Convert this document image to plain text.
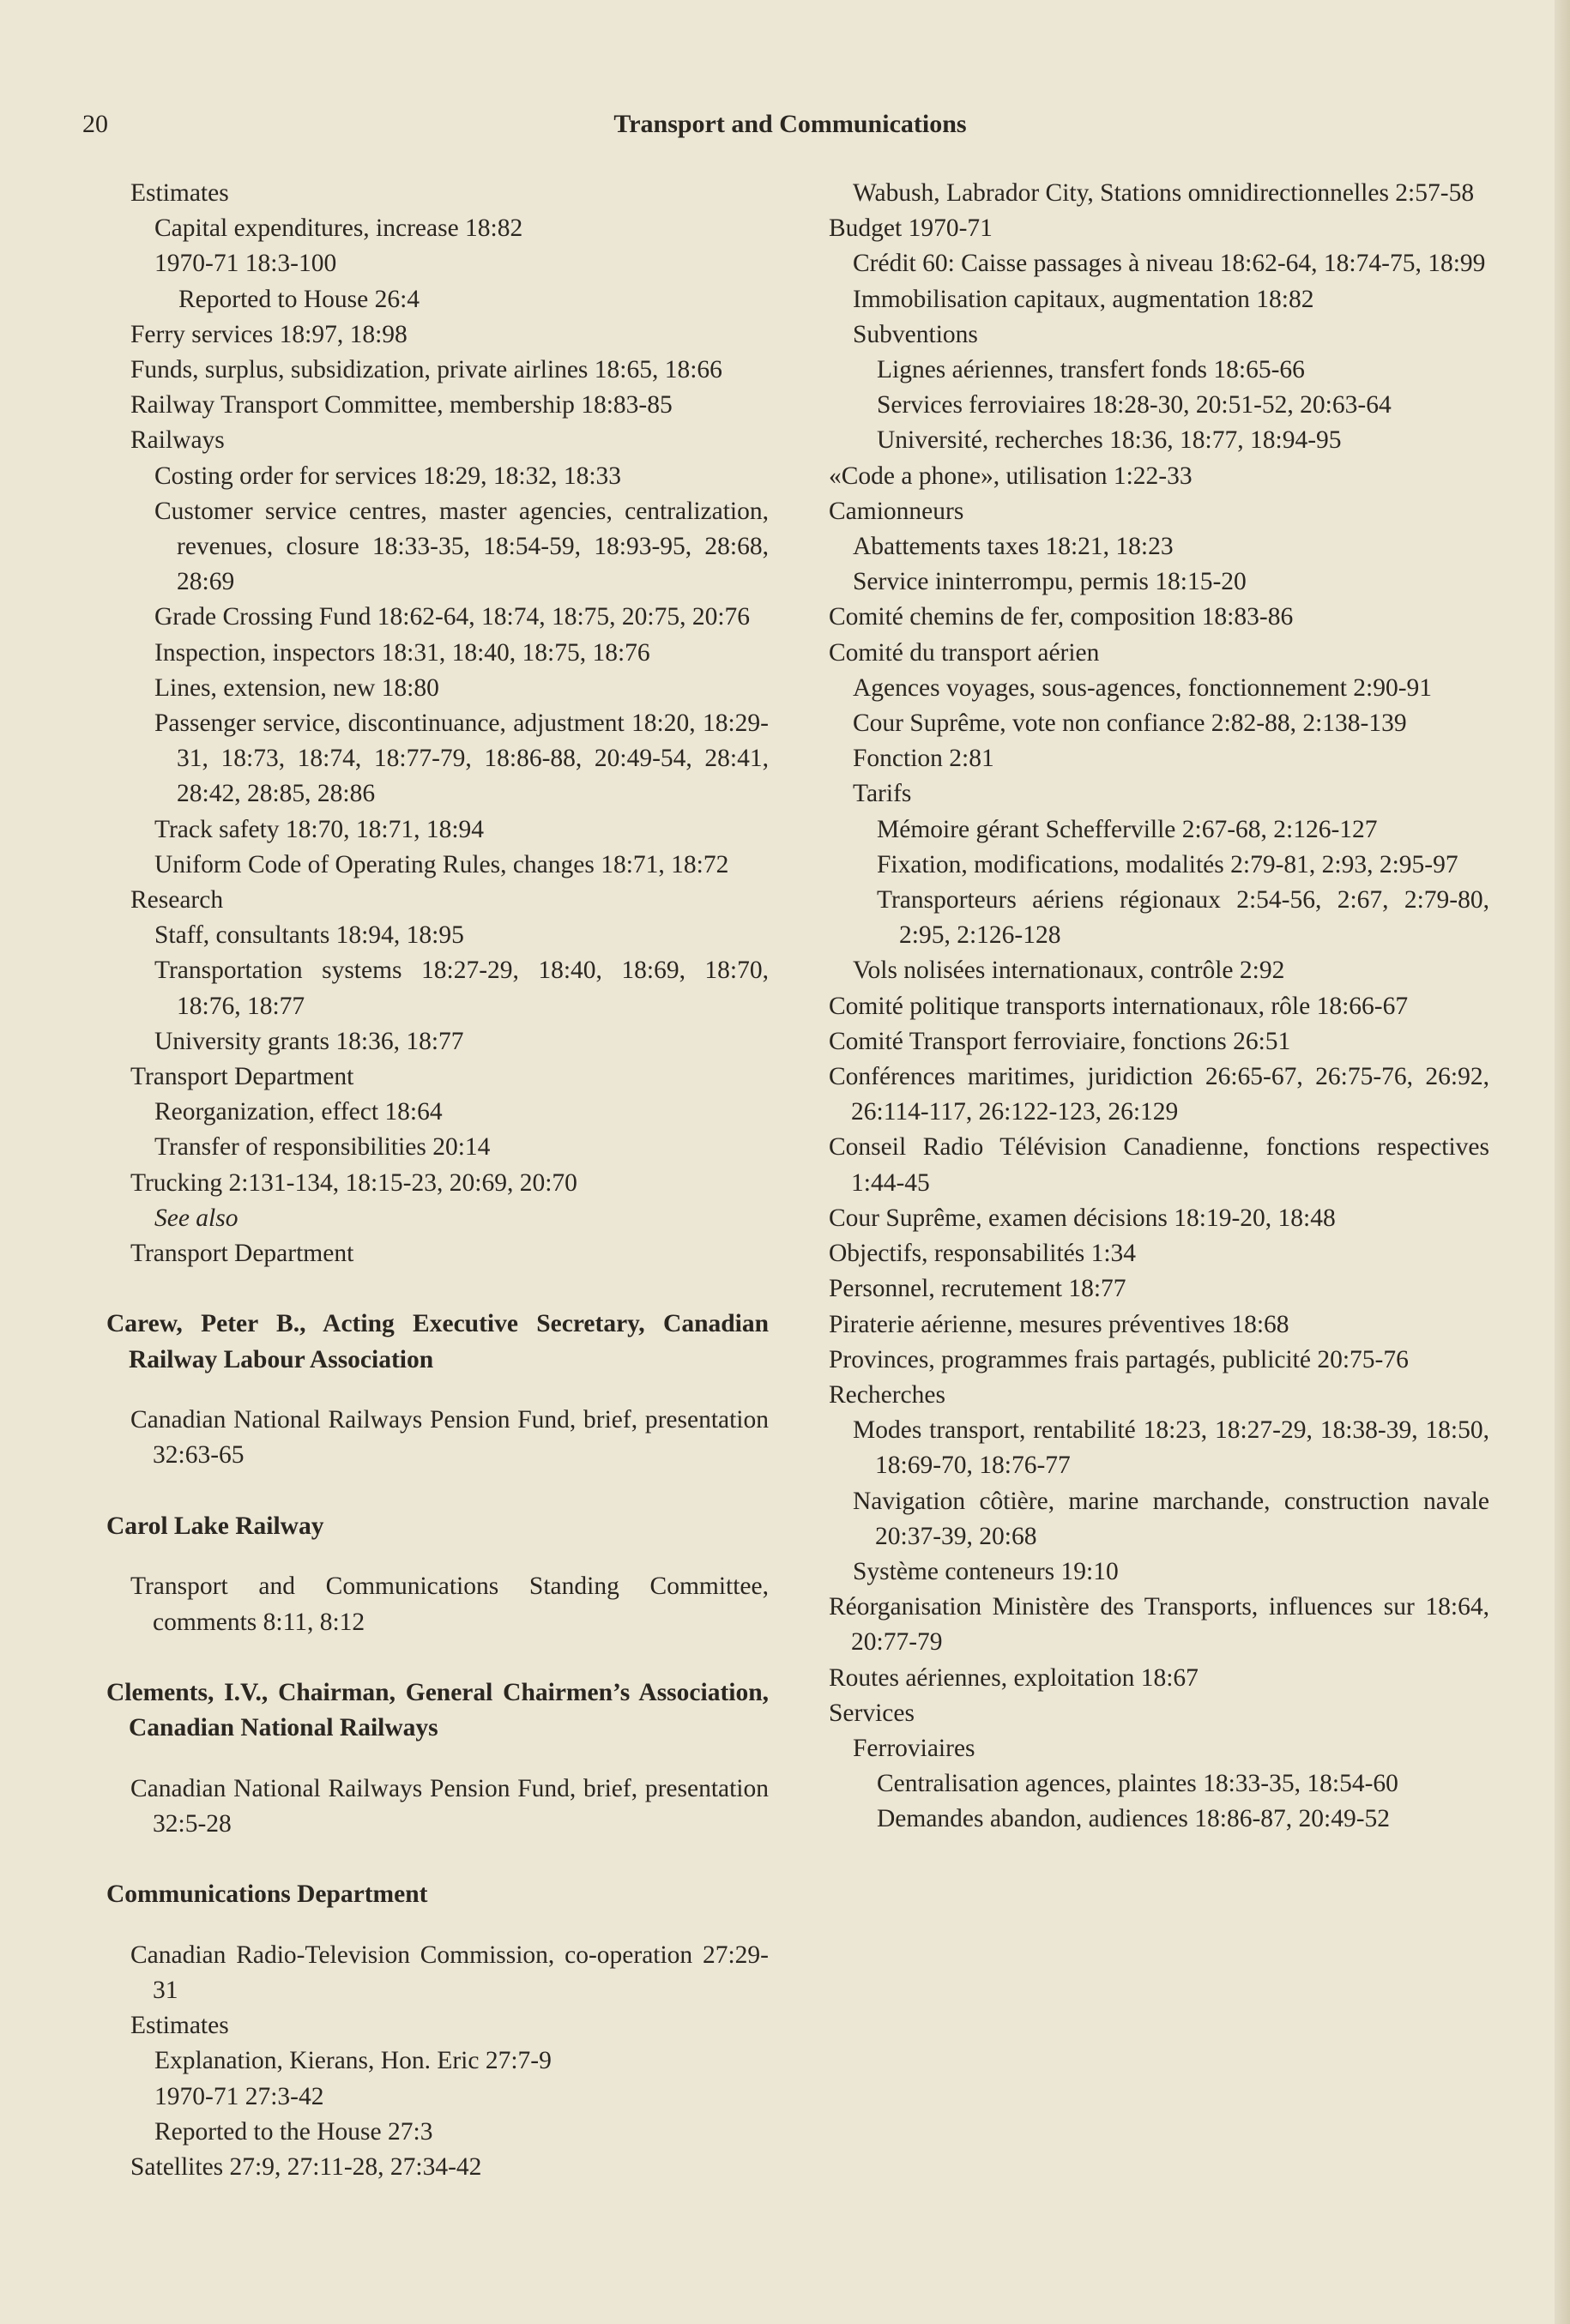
20	Transport and Communications

Estimates

Capital expenditures, increase 18:82

1970-71 18:3-100

Reported to House 26:4

Ferry services 18:97, 18:98

Funds, surplus, subsidization, private airlines 18:65, 18:66

Railway Transport Committee, membership 18:83-85

Railways

Costing order for services 18:29, 18:32, 18:33

Customer service centres, master agencies, centralization, revenues, closure 18:33-35, 18:54-59, 18:93-95, 28:68, 28:69

Grade Crossing Fund 18:62-64, 18:74, 18:75, 20:75, 20:76

Inspection, inspectors 18:31, 18:40, 18:75, 18:76

Lines, extension, new 18:80

Passenger service, discontinuance, adjustment 18:20, 18:29-31, 18:73, 18:74, 18:77-79, 18:86-88, 20:49-54, 28:41, 28:42, 28:85, 28:86

Track safety 18:70, 18:71, 18:94

Uniform Code of Operating Rules, changes 18:71, 18:72

Research

Staff, consultants 18:94, 18:95

Transportation systems 18:27-29, 18:40, 18:69, 18:70, 18:76, 18:77

University grants 18:36, 18:77

Transport Department

Reorganization, effect 18:64

Transfer of responsibilities 20:14

Trucking 2:131-134, 18:15-23, 20:69, 20:70

See also

Transport Department

Carew, Peter B., Acting Executive Secretary, Canadian Railway Labour Association

Canadian National Railways Pension Fund, brief, presentation 32:63-65

Carol Lake Railway

Transport and Communications Standing Committee, comments 8:11, 8:12

Clements, I.V., Chairman, General Chairmen’s Association, Canadian National Railways

Canadian National Railways Pension Fund, brief, presentation 32:5-28

Communications Department

Canadian Radio-Television Commission, co-operation 27:29-31

Estimates

Explanation, Kierans, Hon. Eric 27:7-9

1970-71 27:3-42

Reported to the House 27:3

Satellites 27:9, 27:11-28, 27:34-42

Wabush, Labrador City, Stations omnidirectionnelles 2:57-58

Budget 1970-71

Crédit 60: Caisse passages à niveau 18:62-64, 18:74-75, 18:99

Immobilisation capitaux, augmentation 18:82

Subventions

Lignes aériennes, transfert fonds 18:65-66

Services ferroviaires 18:28-30, 20:51-52, 20:63-64

Université, recherches 18:36, 18:77, 18:94-95

«Code a phone», utilisation 1:22-33

Camionneurs

Abattements taxes 18:21, 18:23

Service ininterrompu, permis 18:15-20

Comité chemins de fer, composition 18:83-86

Comité du transport aérien

Agences voyages, sous-agences, fonctionnement 2:90-91

Cour Suprême, vote non confiance 2:82-88, 2:138-139

Fonction 2:81

Tarifs

Mémoire gérant Schefferville 2:67-68, 2:126-127

Fixation, modifications, modalités 2:79-81, 2:93, 2:95-97

Transporteurs aériens régionaux 2:54-56, 2:67, 2:79-80, 2:95, 2:126-128

Vols nolisées internationaux, contrôle 2:92

Comité politique transports internationaux, rôle 18:66-67

Comité Transport ferroviaire, fonctions 26:51

Conférences maritimes, juridiction 26:65-67, 26:75-76, 26:92, 26:114-117, 26:122-123, 26:129

Conseil Radio Télévision Canadienne, fonctions respectives 1:44-45

Cour Suprême, examen décisions 18:19-20, 18:48

Objectifs, responsabilités 1:34

Personnel, recrutement 18:77

Piraterie aérienne, mesures préventives 18:68

Provinces, programmes frais partagés, publicité 20:75-76

Recherches

Modes transport, rentabilité 18:23, 18:27-29, 18:38-39, 18:50, 18:69-70, 18:76-77

Navigation côtière, marine marchande, construction navale 20:37-39, 20:68

Système conteneurs 19:10

Réorganisation Ministère des Transports, influences sur 18:64, 20:77-79

Routes aériennes, exploitation 18:67

Services

Ferroviaires

Centralisation agences, plaintes 18:33-35, 18:54-60

Demandes abandon, audiences 18:86-87, 20:49-52
